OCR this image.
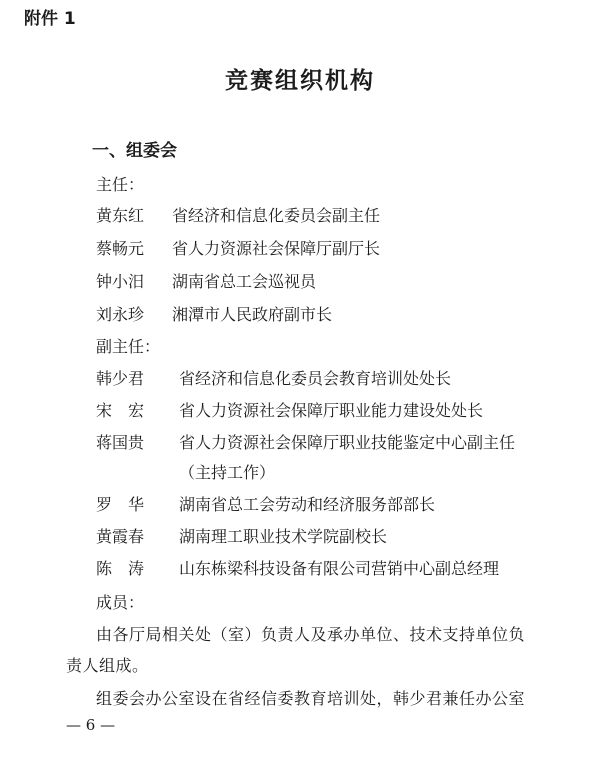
附件 1
竞赛组织机构
一、组委会
主任：
黄东红 省经济和信息化委员会副主任
蔡畅元 省人力资源社会保障厅副厅长
钟小汨 湖南省总工会巡视员
刘永珍 湘潭市人民政府副市长
副主任：
韩少君 省经济和信息化委员会教育培训处处长
宋　宏 省人力资源社会保障厅职业能力建设处处长
蒋国贵 省人力资源社会保障厅职业技能鉴定中心副主任
（主持工作）
罗　华 湖南省总工会劳动和经济服务部部长
黄霞春 湖南理工职业技术学院副校长
陈　涛 山东栋梁科技设备有限公司营销中心副总经理
成员：
由各厅局相关处（室）负责人及承办单位、技术支持单位负
责人组成。
组委会办公室设在省经信委教育培训处，韩少君兼任办公室
— 6 —
